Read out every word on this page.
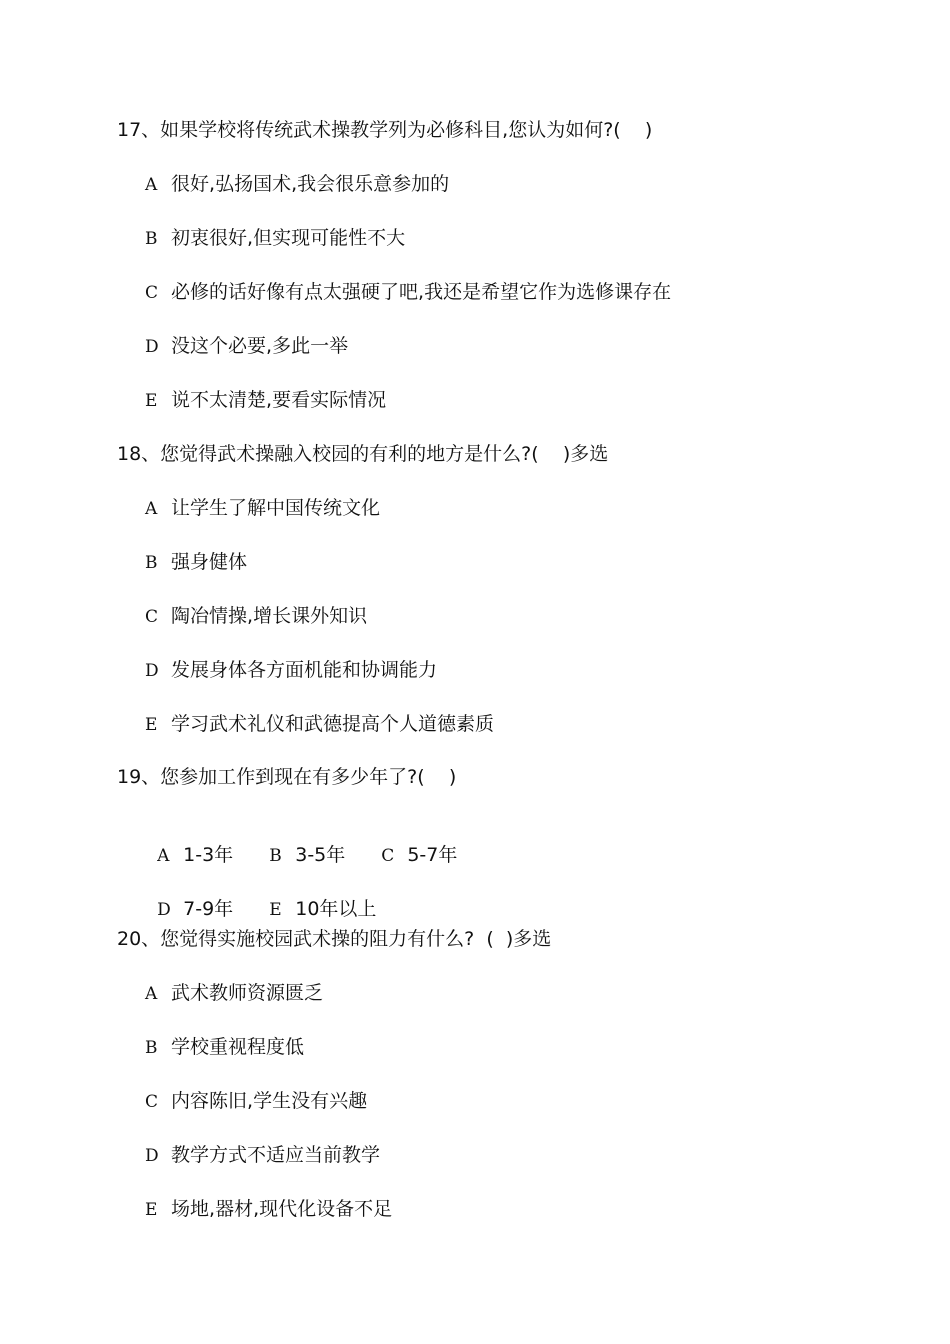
17、如果学校将传统武术操教学列为必修科目,您认为如何?(    )
A 很好,弘扬国术,我会很乐意参加的
B 初衷很好,但实现可能性不大
C 必修的话好像有点太强硬了吧,我还是希望它作为选修课存在
D 没这个必要,多此一举
E 说不太清楚,要看实际情况
18、您觉得武术操融入校园的有利的地方是什么?(    )多选
A 让学生了解中国传统文化
B 强身健体
C 陶冶情操,增长课外知识
D 发展身体各方面机能和协调能力
E 学习武术礼仪和武德提高个人道德素质
19、您参加工作到现在有多少年了?(    )

A 1-3年 B 3-5年 C 5-7年

D 7-9年 E 10年以上

20、您觉得实施校园武术操的阻力有什么?  (  )多选
A 武术教师资源匮乏
B 学校重视程度低
C 内容陈旧,学生没有兴趣
D 教学方式不适应当前教学
E 场地,器材,现代化设备不足
